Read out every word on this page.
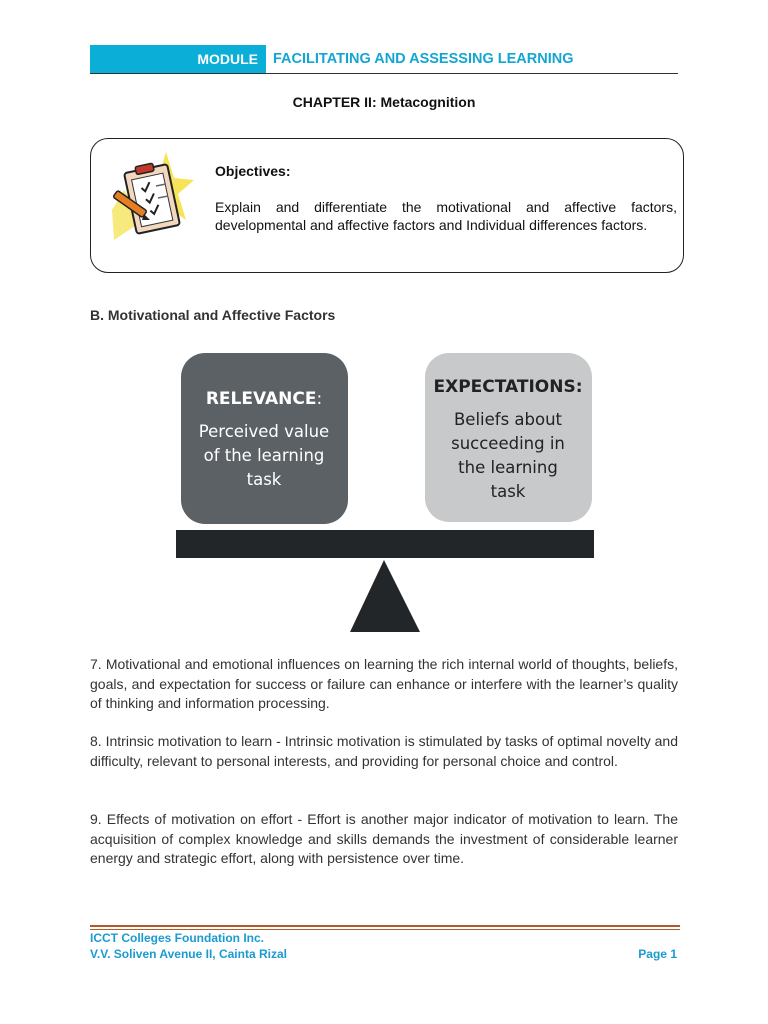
MODULE	FACILITATING AND ASSESSING LEARNING
CHAPTER II: Metacognition
Objectives:
Explain and differentiate the motivational and affective factors, developmental and affective factors and Individual differences factors.
B. Motivational and Affective Factors
RELEVANCE:
Perceived value
of the learning
task
EXPECTATIONS:
Beliefs about
succeeding in
the learning
task
7. Motivational and emotional influences on learning the rich internal world of thoughts, beliefs, goals, and expectation for success or failure can enhance or interfere with the learner’s quality of thinking and information processing.
8. Intrinsic motivation to learn - Intrinsic motivation is stimulated by tasks of optimal novelty and difficulty, relevant to personal interests, and providing for personal choice and control.
9. Effects of motivation on effort - Effort is another major indicator of motivation to learn. The acquisition of complex knowledge and skills demands the investment of considerable learner energy and strategic effort, along with persistence over time.
ICCT Colleges Foundation Inc.
V.V. Soliven Avenue II, Cainta Rizal	Page 1
